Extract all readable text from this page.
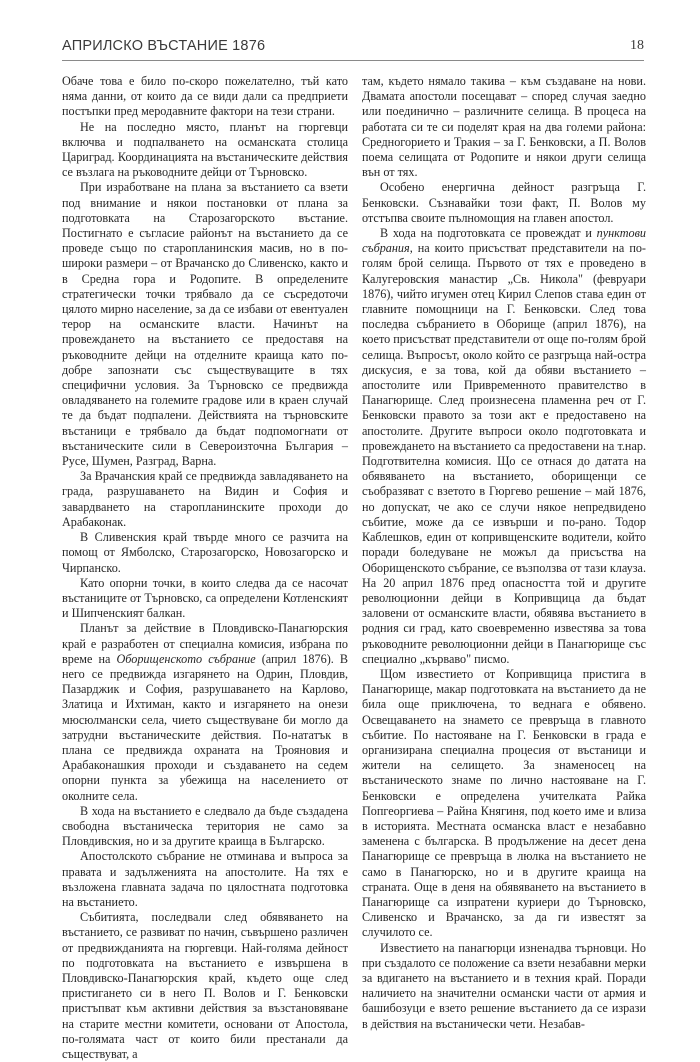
АПРИЛСКО ВЪСТАНИЕ 1876	18

Обаче това е било по-скоро пожелателно, тъй като няма данни, от които да се види дали са предприети постъпки пред меродавните фактори на тези страни.

Не на последно място, планът на гюргевци включва и подпалването на османската столица Цариград. Координацията на въстаническите действия се възлага на ръководните дейци от Търновско.

При изработване на плана за въстанието са взети под внимание и някои постановки от плана за подготовката на Старозагорското въстание. Постигнато е съгласие районът на въстанието да се проведе също по старопланинския масив, но в по-широки размери – от Врачанско до Сливенско, както и в Средна гора и Родопите. В определените стратегически точки трябвало да се съсредоточи цялото мирно население, за да се избави от евентуален терор на османските власти. Начинът на провеждането на въстанието се предоставя на ръководните дейци на отделните краища като по-добре запознати със съществуващите в тях специфични условия. За Търновско се предвижда овладяването на големите градове или в краен случай те да бъдат подпалени. Действията на търновските въстаници е трябвало да бъдат подпомогнати от въстаническите сили в Североизточна България – Русе, Шумен, Разград, Варна.

За Врачанския край се предвижда завладяването на града, разрушаването на Видин и София и завардването на старопланинските проходи до Арабаконак.

В Сливенския край твърде много се разчита на помощ от Ямболско, Старозагорско, Новозагорско и Чирпанско.

Като опорни точки, в които следва да се насочат въстаниците от Търновско, са определени Котленският и Шипченският балкан.

Планът за действие в Пловдивско-Панагюрския край е разработен от специална комисия, избрана по време на Оборищенското събрание (април 1876). В него се предвижда изгарянето на Одрин, Пловдив, Пазарджик и София, разрушаването на Карлово, Златица и Ихтиман, както и изгарянето на онези мюсюлмански села, чието съществуване би могло да затрудни въстаническите действия. По-нататък в плана се предвижда охраната на Трояновия и Арабаконашкия проходи и създаването на седем опорни пункта за убежища на населението от околните села.

В хода на въстанието е следвало да бъде създадена свободна въстаническа територия не само за Пловдивския, но и за другите краища в Българско.

Апостолското събрание не отминава и въпроса за правата и задълженията на апостолите. На тях е възложена главната задача по цялостната подготовка на въстанието.

Събитията, последвали след обявяването на въстанието, се развиват по начин, съвършено различен от предвижданията на гюргевци. Най-голяма дейност по подготовката на въстанието е извършена в Пловдивско-Панагюрския край, където още след пристигането си в него П. Волов и Г. Бенковски пристъпват към активни действия за възстановяване на старите местни комитети, основани от Апостола, по-голямата част от които били престанали да съществуват, а

там, където нямало такива – към създаване на нови. Двамата апостоли посещават – според случая заедно или поединично – различните селища. В процеса на работата си те си поделят края на два големи района: Средногорието и Тракия – за Г. Бенковски, а П. Волов поема селищата от Родопите и някои други селища вън от тях.

Особено енергична дейност разгръща Г. Бенковски. Съзнавайки този факт, П. Волов му отстъпва своите пълномощия на главен апостол.

В хода на подготовката се провеждат и пунктови събрания, на които присъстват представители на по-голям брой селища. Първото от тях е проведено в Калугеровския манастир „Св. Никола" (февруари 1876), чийто игумен отец Кирил Слепов става един от главните помощници на Г. Бенковски. След това последва събранието в Оборище (април 1876), на което присъстват представители от още по-голям брой селища. Въпросът, около който се разгръща най-остра дискусия, е за това, кой да обяви въстанието – апостолите или Привременното правителство в Панагюрище. След произнесена пламенна реч от Г. Бенковски правото за този акт е предоставено на апостолите. Другите въпроси около подготовката и провеждането на въстанието са предоставени на т.нар. Подготвителна комисия. Що се отнася до датата на обявяването на въстанието, оборищенци се съобразяват с взетото в Гюргево решение – май 1876, но допускат, че ако се случи някое непредвидено събитие, може да се извърши и по-рано. Тодор Каблешков, един от копривщенските водители, който поради боледуване не можъл да присъства на Оборищенското събрание, се възползва от тази клауза. На 20 април 1876 пред опасността той и другите революционни дейци в Копривщица да бъдат заловени от османските власти, обявява въстанието в родния си град, като своевременно известява за това ръководните революционни дейци в Панагюрище със специално „кърваво" писмо.

Щом известието от Копривщица пристига в Панагюрище, макар подготовката на въстанието да не била още приключена, то веднага е обявено. Освещаването на знамето се превръща в главното събитие. По настояване на Г. Бенковски в града е организирана специална процесия от въстаници и жители на селището. За знаменосец на въстаническото знаме по лично настояване на Г. Бенковски е определена учителката Райка Попгеоргиева – Райна Княгиня, под което име и влиза в историята. Местната османска власт е незабавно заменена с българска. В продължение на десет дена Панагюрище се превръща в люлка на въстанието не само в Панагюрско, но и в другите краища на страната. Още в деня на обявяването на въстанието в Панагюрище са изпратени куриери до Търновско, Сливенско и Врачанско, за да ги известят за случилото се.

Известието на панагюрци изненадва търновци. Но при създалото се положение са взети незабавни мерки за вдигането на въстанието и в техния край. Поради наличието на значителни османски части от армия и башибозуци е взето решение въстанието да се изрази в действия на въстанически чети. Незабав-
